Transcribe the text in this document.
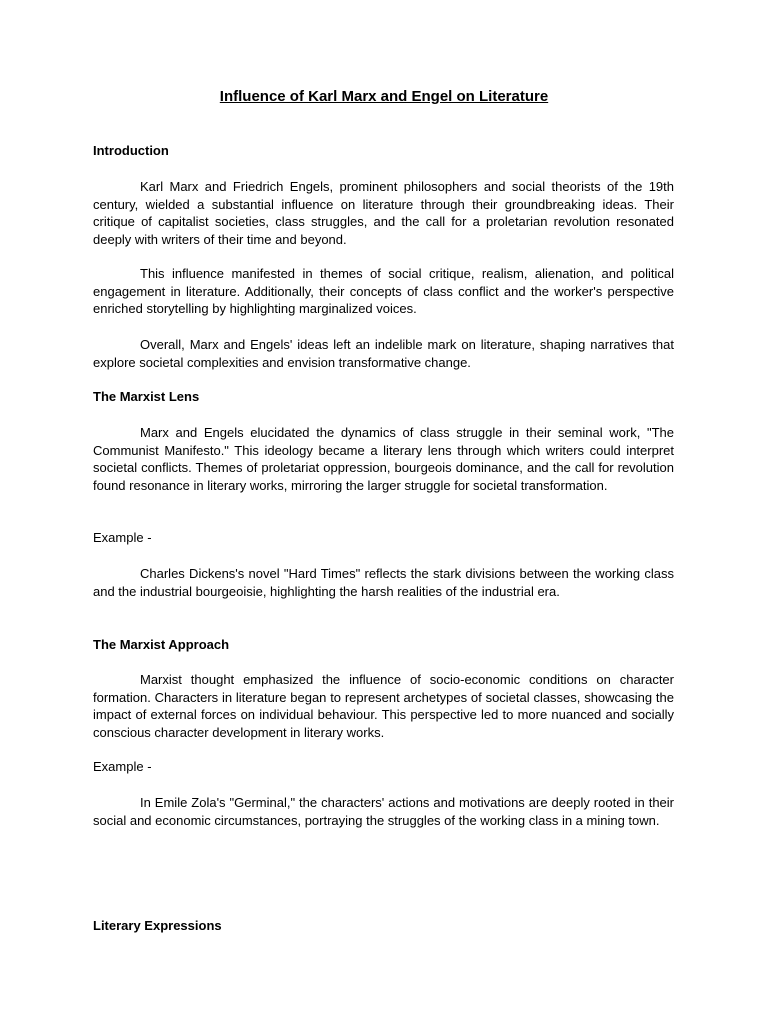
Influence of Karl Marx and Engel on Literature
Introduction

Karl Marx and Friedrich Engels, prominent philosophers and social theorists of the 19th century, wielded a substantial influence on literature through their groundbreaking ideas. Their critique of capitalist societies, class struggles, and the call for a proletarian revolution resonated deeply with writers of their time and beyond.

This influence manifested in themes of social critique, realism, alienation, and political engagement in literature. Additionally, their concepts of class conflict and the worker's perspective enriched storytelling by highlighting marginalized voices.

Overall, Marx and Engels' ideas left an indelible mark on literature, shaping narratives that explore societal complexities and envision transformative change.

The Marxist Lens

Marx and Engels elucidated the dynamics of class struggle in their seminal work, "The Communist Manifesto." This ideology became a literary lens through which writers could interpret societal conflicts. Themes of proletariat oppression, bourgeois dominance, and the call for revolution found resonance in literary works, mirroring the larger struggle for societal transformation.

Example -

Charles Dickens's novel "Hard Times" reflects the stark divisions between the working class and the industrial bourgeoisie, highlighting the harsh realities of the industrial era.

The Marxist Approach

Marxist thought emphasized the influence of socio-economic conditions on character formation. Characters in literature began to represent archetypes of societal classes, showcasing the impact of external forces on individual behaviour. This perspective led to more nuanced and socially conscious character development in literary works.

Example -

In Emile Zola's "Germinal," the characters' actions and motivations are deeply rooted in their social and economic circumstances, portraying the struggles of the working class in a mining town.

Literary Expressions
